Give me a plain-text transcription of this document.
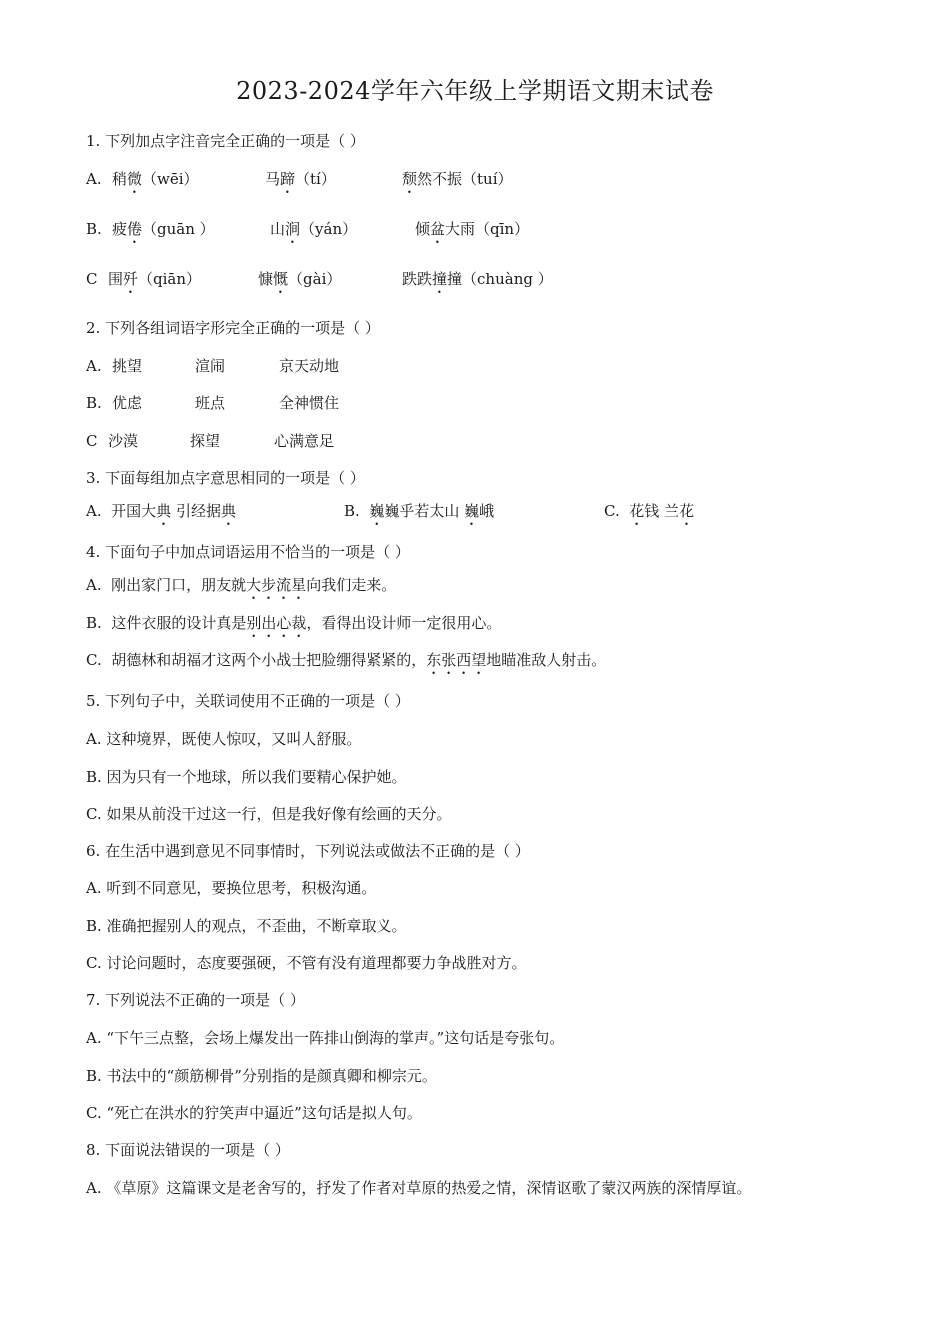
2023-2024学年六年级上学期语文期末试卷
1. 下列加点字注音完全正确的一项是（ ）
A. 稍微（wēi）	马蹄（tí）	颓然不振（tuí）
B. 疲倦（guān ）	山涧（yán）	倾盆大雨（qīn）
C 围歼（qiān）	慷慨（gài）	跌跌撞撞（chuàng ）
2. 下列各组词语字形完全正确的一项是（ ）
A. 挑望	渲闹	京天动地
B. 优虑	班点	全神惯住
C 沙漠	探望	心满意足
3. 下面每组加点字意思相同的一项是（ ）
A. 开国大典 引经据典	B. 巍巍乎若太山 巍峨	C. 花钱 兰花
4. 下面句子中加点词语运用不恰当的一项是（ ）
A. 刚出家门口，朋友就大步流星向我们走来。
B. 这件衣服的设计真是别出心裁，看得出设计师一定很用心。
C. 胡德林和胡福才这两个小战士把脸绷得紧紧的，东张西望地瞄准敌人射击。
5. 下列句子中，关联词使用不正确的一项是（ ）
A. 这种境界，既使人惊叹，又叫人舒服。
B. 因为只有一个地球，所以我们要精心保护她。
C. 如果从前没干过这一行，但是我好像有绘画的天分。
6. 在生活中遇到意见不同事情时，下列说法或做法不正确的是（ ）
A. 听到不同意见，要换位思考，积极沟通。
B. 准确把握别人的观点，不歪曲，不断章取义。
C. 讨论问题时，态度要强硬，不管有没有道理都要力争战胜对方。
7. 下列说法不正确的一项是（ ）
A. “下午三点整，会场上爆发出一阵排山倒海的掌声。”这句话是夸张句。
B. 书法中的“颜筋柳骨”分别指的是颜真卿和柳宗元。
C. “死亡在洪水的狞笑声中逼近”这句话是拟人句。
8. 下面说法错误的一项是（ ）
A. 《草原》这篇课文是老舍写的，抒发了作者对草原的热爱之情，深情讴歌了蒙汉两族的深情厚谊。
